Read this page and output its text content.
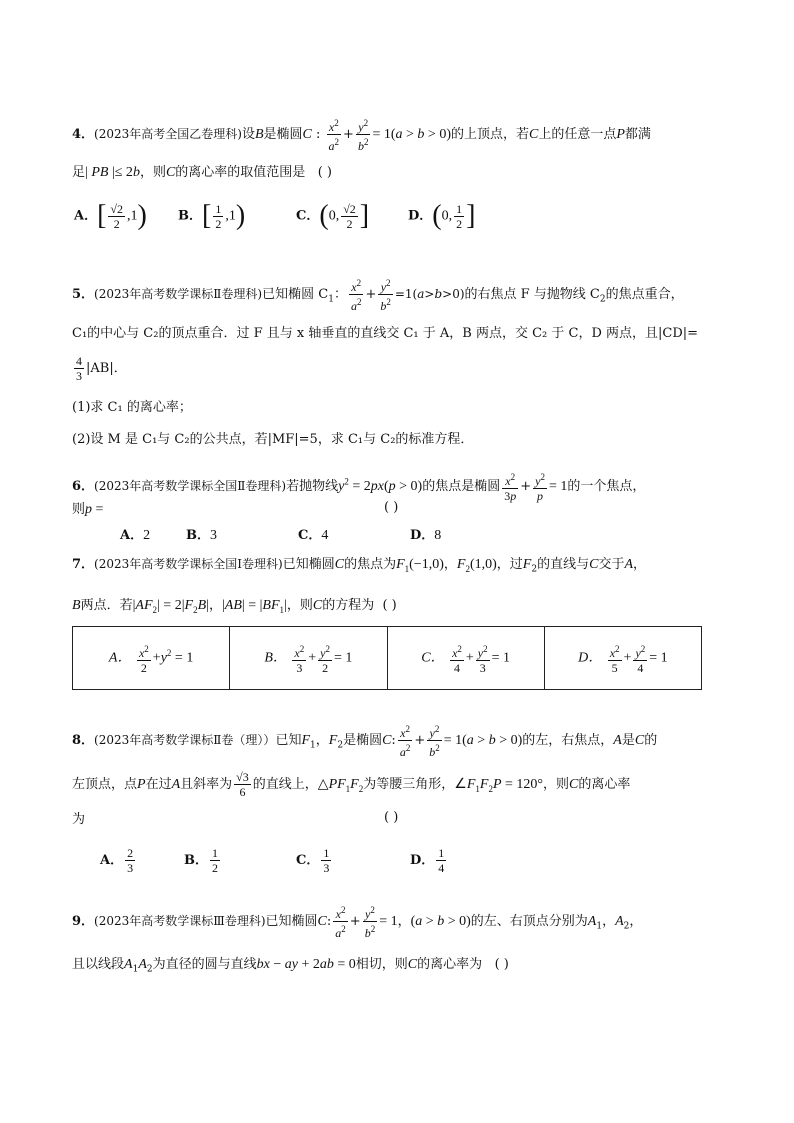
4．(2023年高考全国乙卷理科)设B是椭圆C : $\frac{x^2}{a^2} + \frac{y^2}{b^2} = 1(a > b > 0)$的上顶点，若C上的任意一点P都满
足| PB |≤ 2b，则C的离心率的取值范围是 ( )
A．[ $\frac{√2}{2} ,1$) B．[ $\frac{1}{2} ,1$)	C．(0, $\frac{√2}{2}$ ]	D．(0, $\frac{1}{2}$ ]
5．(2023年高考数学课标Ⅱ卷理科)已知椭圆 $C_1$： $\frac{x^2}{a^2} + \frac{y^2}{b^2} =1(a>b>0)$的右焦点 F 与抛物线 $C_2$的焦点重合，
C₁的中心与 C₂的顶点重合．过 F 且与 x 轴垂直的直线交 C₁ 于 A，B 两点，交 C₂ 于 C，D 两点，且|CD|=
$\frac{4}{3} |AB|$．
(1)求 C₁ 的离心率；
(2)设 M 是 C₁与 C₂的公共点，若|MF|=5，求 C₁与 C₂的标准方程．
6．(2023年高考数学课标全国Ⅱ卷理科)若抛物线$y^2 = 2px(p > 0)$的焦点是椭圆 $\frac{x^2}{3p} + \frac{y^2}{p} = 1$的一个焦点，
则p =	( )
A．2	B．3	C．4	D．8
7．(2023年高考数学课标全国Ⅰ卷理科)已知椭圆C的焦点为$F_1(-1,0)$，$F_2(1,0)$，过$F_2$的直线与C交于A，
B两点．若$|AF_2| = 2|F_2B|$，$|AB| = |BF_1|$，则C的方程为 ( )
A． $\frac{x^2}{2} +y^2 = 1$	B． $\frac{x^2}{3} + \frac{y^2}{2} = 1$	C． $\frac{x^2}{4} + \frac{y^2}{3} = 1$	D． $\frac{x^2}{5} + \frac{y^2}{4} = 1$
8．(2023年高考数学课标Ⅱ卷（理））已知$F_1$，$F_2$是椭圆C: $\frac{x^2}{a^2} + \frac{y^2}{b^2} = 1(a > b > 0)$的左，右焦点，A是C的
左顶点，点P在过A且斜率为 $\frac{√3}{6}$ 的直线上，$\triangle PF_1F_2$为等腰三角形，$\angle F_1F_2P = 120^\circ$，则C的离心率
为	( )
A． $\frac{2}{3}$	B． $\frac{1}{2}$	C． $\frac{1}{3}$	D． $\frac{1}{4}$
9．(2023年高考数学课标Ⅲ卷理科)已知椭圆C: $\frac{x^2}{a^2} + \frac{y^2}{b^2} = 1$，(a > b > 0)的左、右顶点分别为$A_1$，$A_2$，
且以线段$A_1A_2$为直径的圆与直线bx − ay + 2ab = 0相切，则C的离心率为 ( )
